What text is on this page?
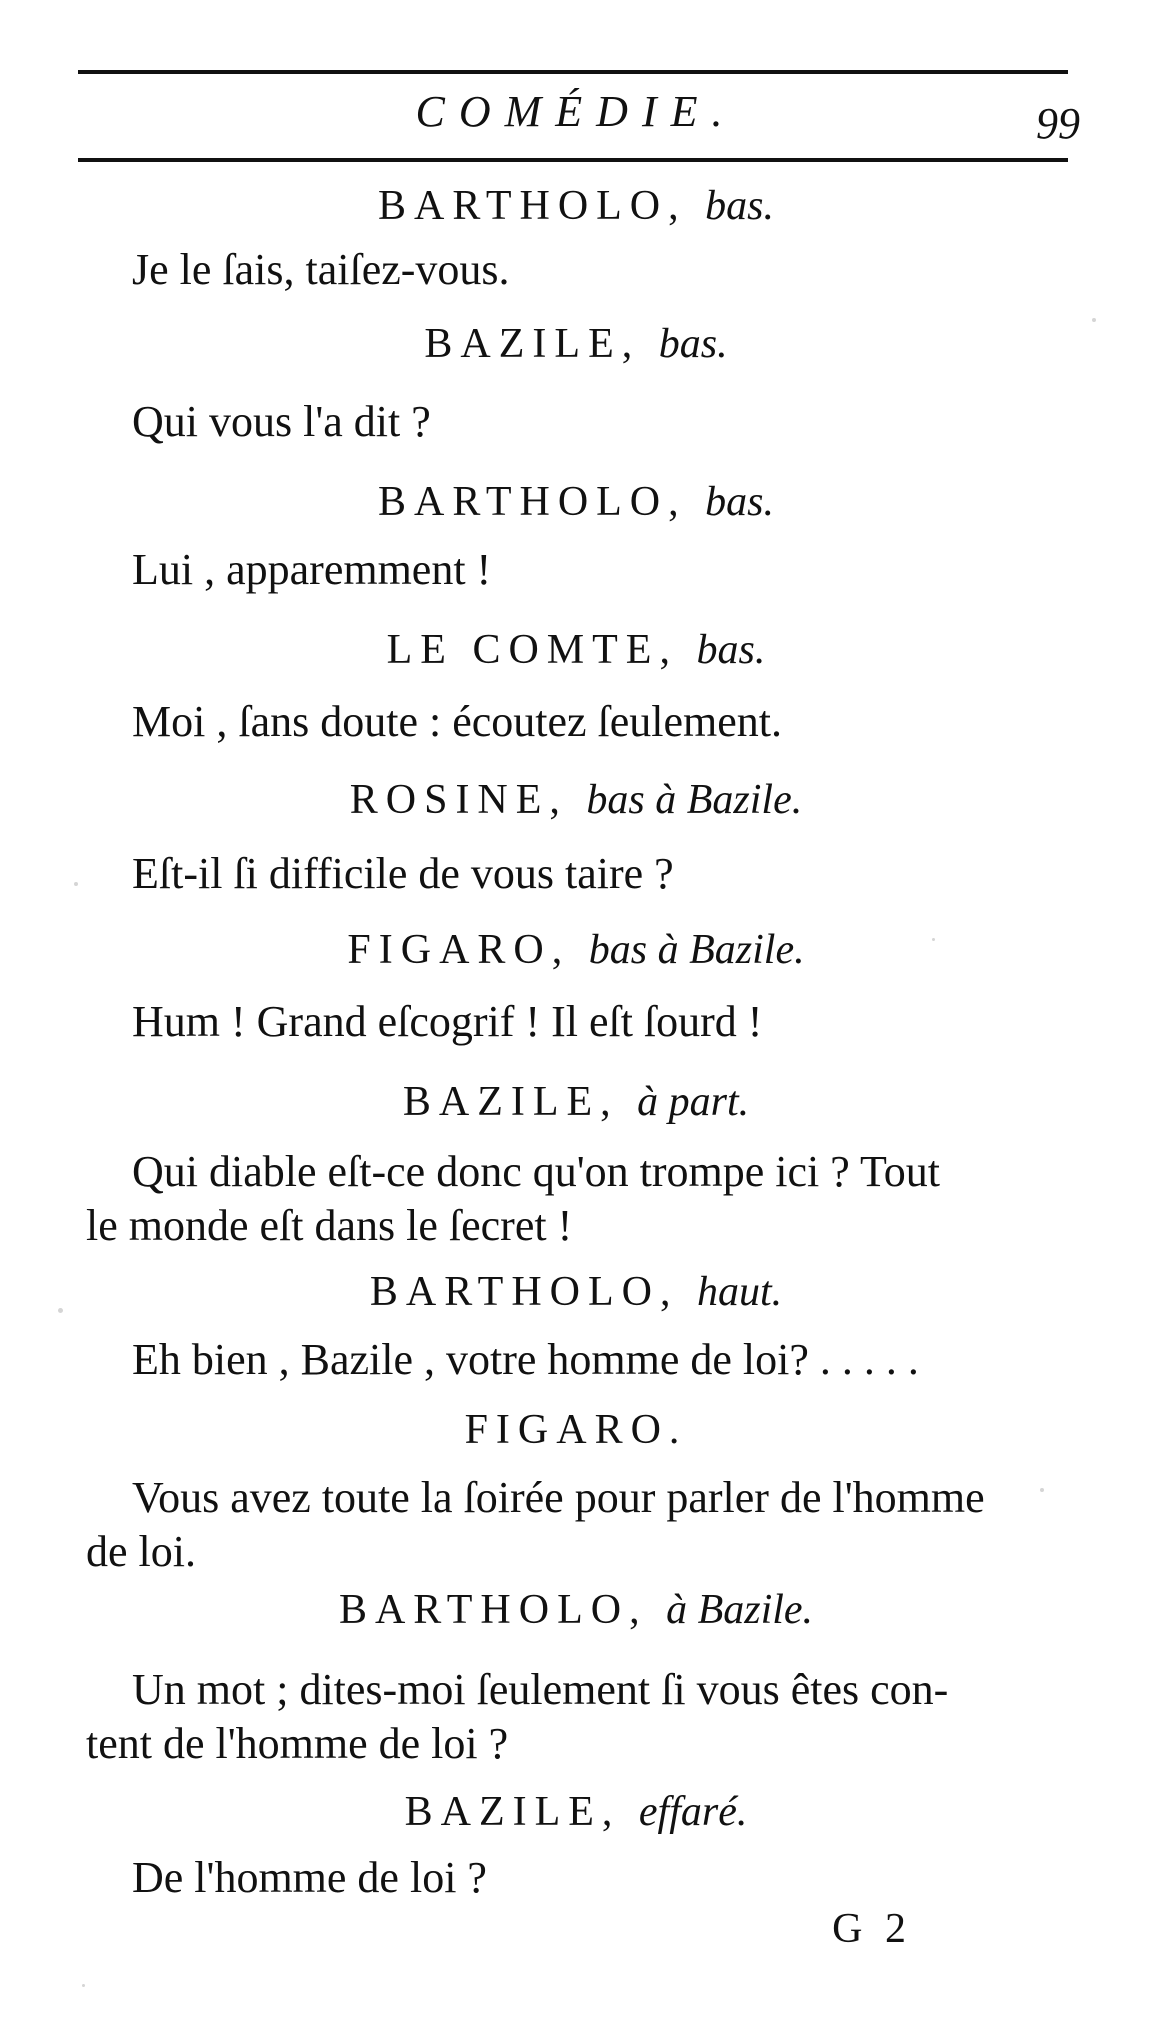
COMÉDIE.	99
BARTHOLO, bas.
Je le ſais, taiſez-vous.
BAZILE, bas.
Qui vous l'a dit ?
BARTHOLO, bas.
Lui , apparemment !
LE COMTE, bas.
Moi , ſans doute : écoutez ſeulement.
ROSINE, bas à Bazile.
Eſt-il ſi difficile de vous taire ?
FIGARO, bas à Bazile.
Hum ! Grand eſcogrif ! Il eſt ſourd !
BAZILE, à part.
Qui diable eſt-ce donc qu'on trompe ici ? Tout
le monde eſt dans le ſecret !
BARTHOLO, haut.
Eh bien , Bazile , votre homme de loi? . . . . .
FIGARO.
Vous avez toute la ſoirée pour parler de l'homme
de loi.
BARTHOLO, à Bazile.
Un mot ; dites-moi ſeulement ſi vous êtes con-
tent de l'homme de loi ?
BAZILE, effaré.
De l'homme de loi ?
G 2
